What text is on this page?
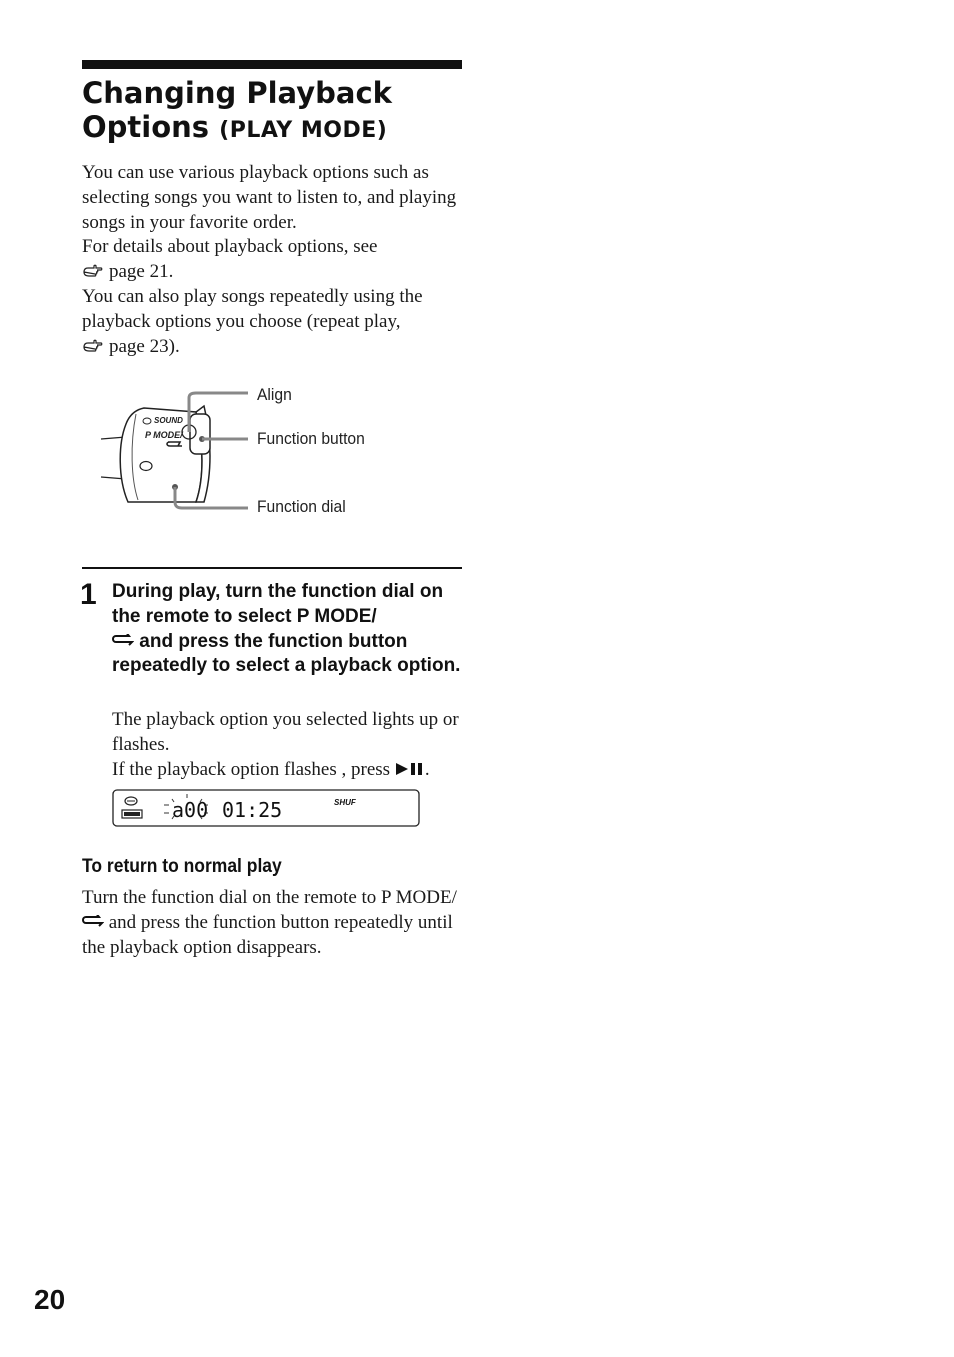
Changing Playback Options (PLAY MODE)

You can use various playback options such as selecting songs you want to listen to, and playing songs in your favorite order.

For details about playback options, see

page 21.

You can also play songs repeatedly using the playback options you choose (repeat play,

page 23).

SOUND
P MODE/
Align
Function button
Function dial
1 During play, turn the function dial on the remote to select P MODE/
and press the function button repeatedly to select a playback option.

The playback option you selected lights up or flashes.

If the playback option flashes , press .

a00 01:25	SHUF
To return to normal play

Turn the function dial on the remote to P MODE/ and press the function button repeatedly until the playback option disappears.

20
